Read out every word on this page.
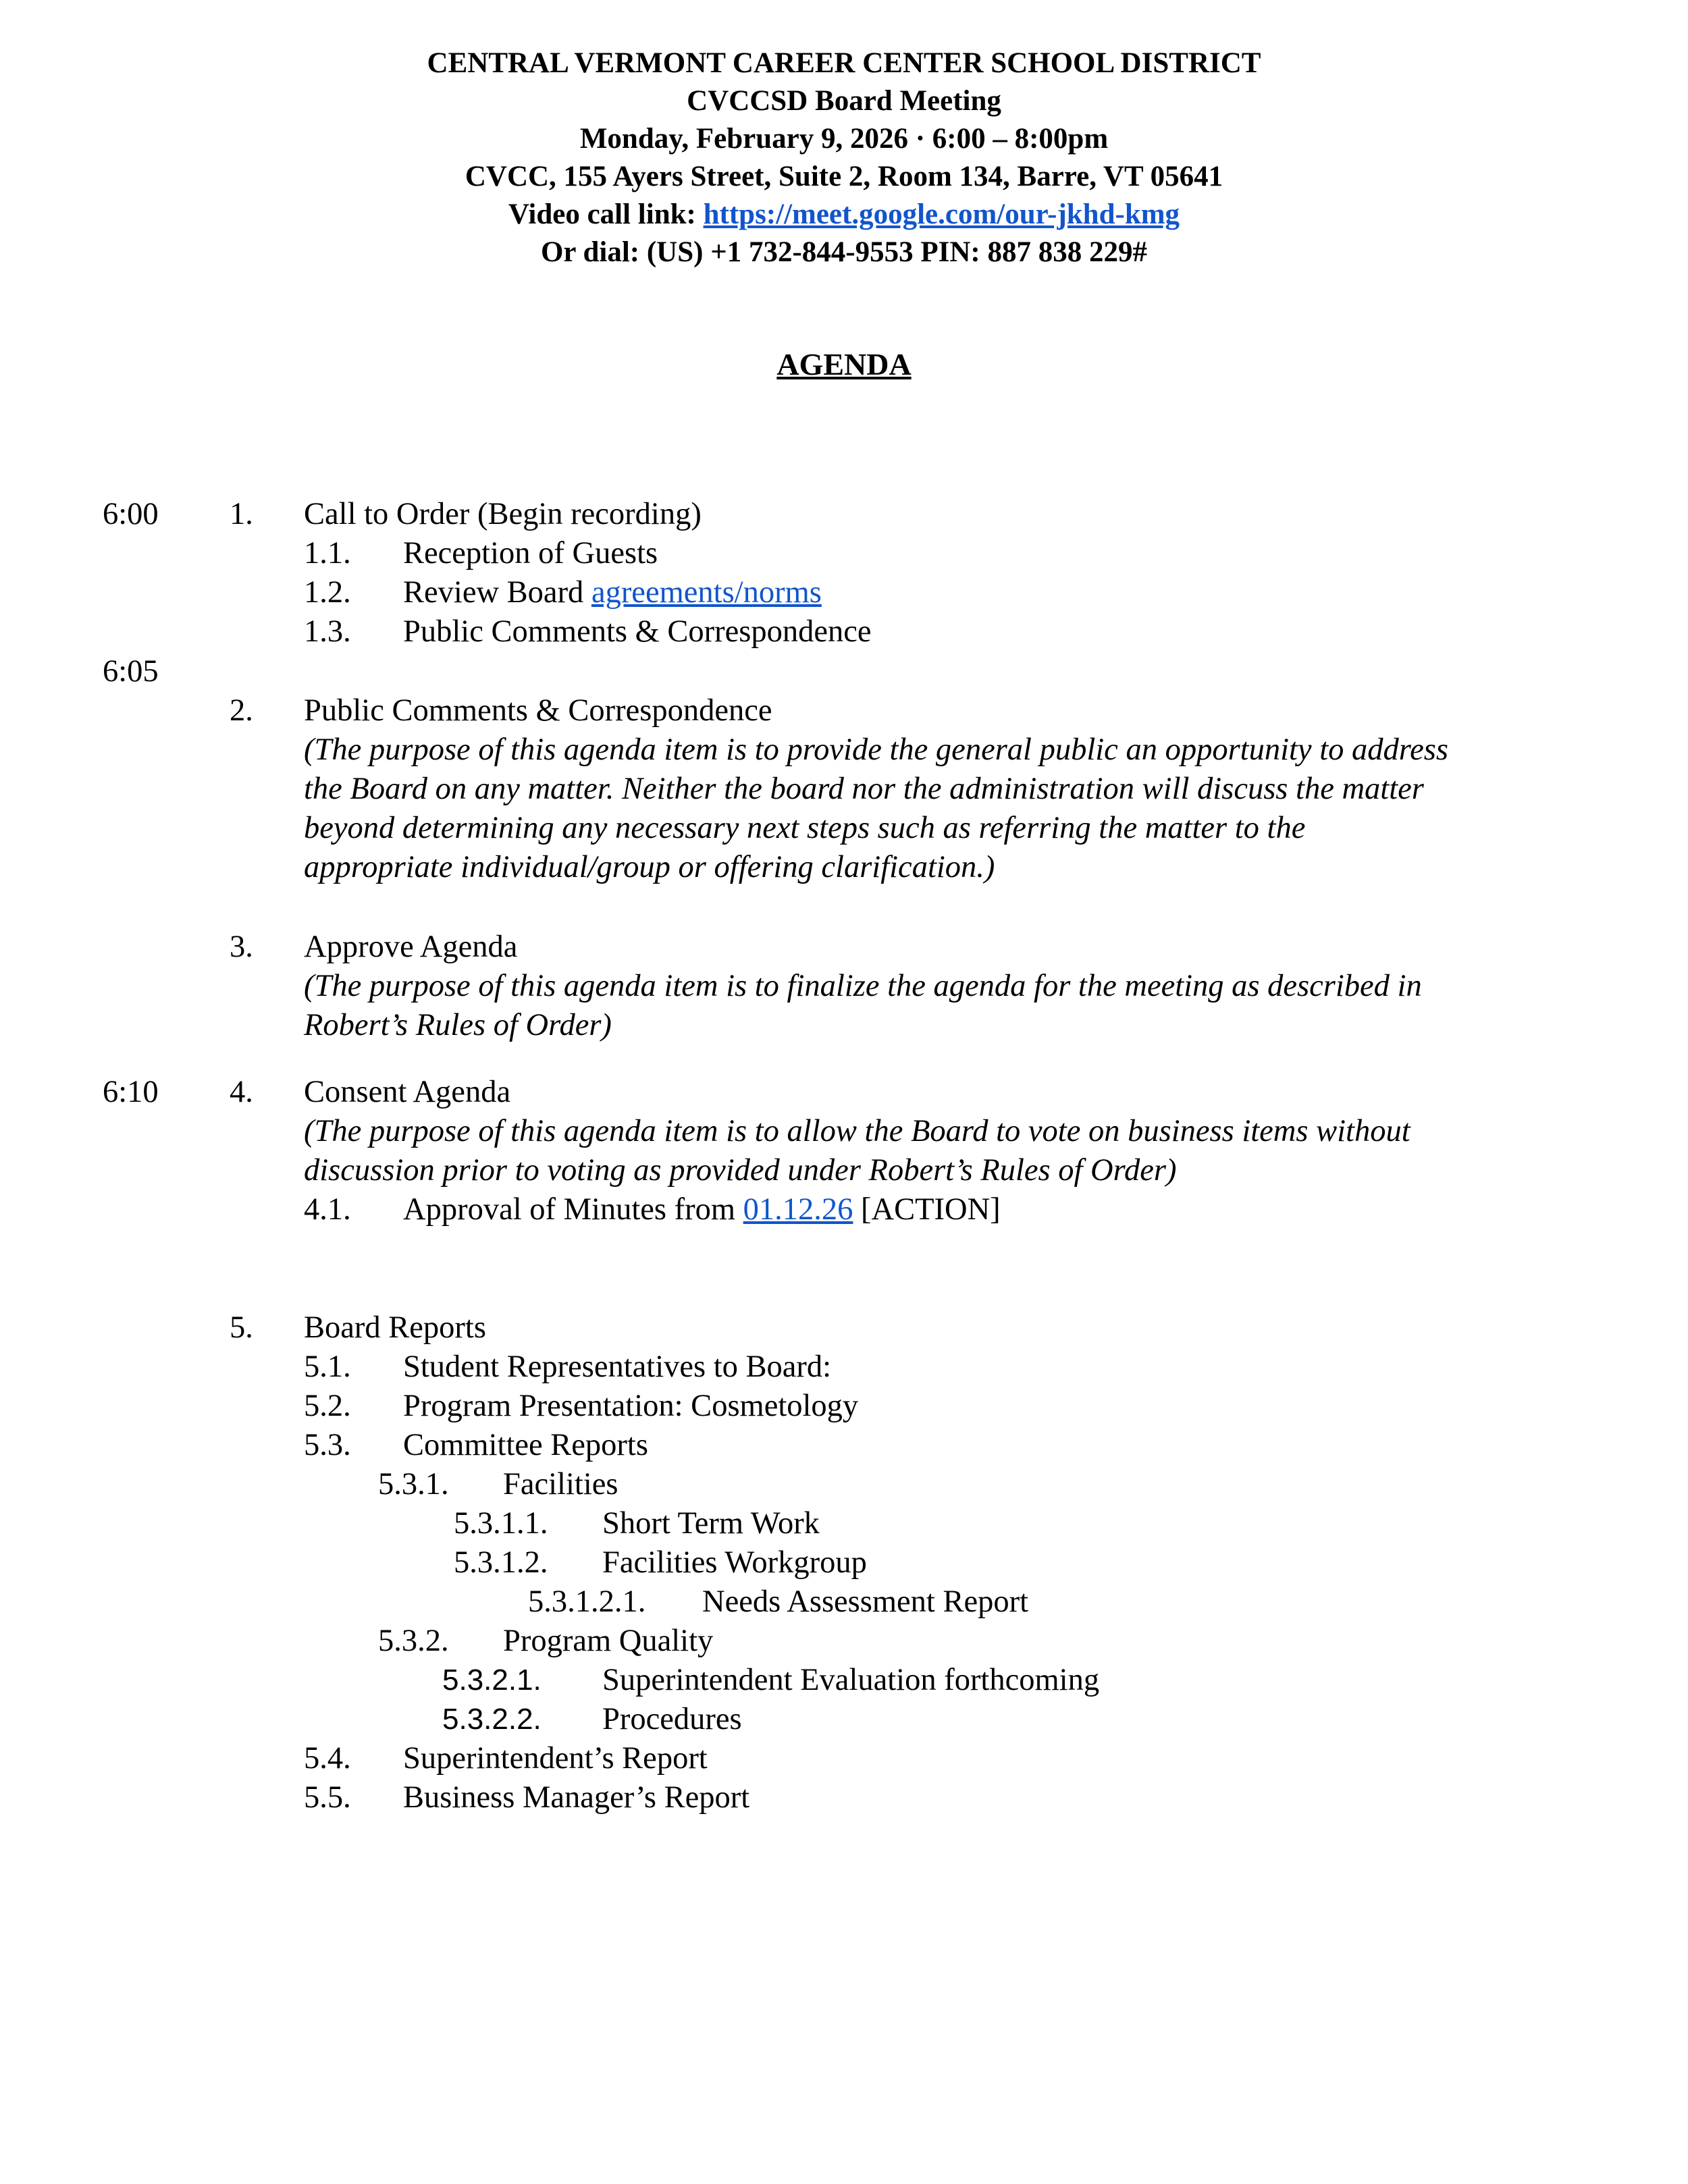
CENTRAL VERMONT CAREER CENTER SCHOOL DISTRICT
CVCCSD Board Meeting
Monday, February 9, 2026 · 6:00 – 8:00pm
CVCC, 155 Ayers Street, Suite 2, Room 134, Barre, VT 05641
Video call link: https://meet.google.com/our-jkhd-kmg
Or dial: (US) +1 732-844-9553 PIN: 887 838 229#
AGENDA
6:00
6:05
6:10
1. Call to Order (Begin recording)
1.1. Reception of Guests
1.2. Review Board agreements/norms
1.3. Public Comments & Correspondence
2. Public Comments & Correspondence
(The purpose of this agenda item is to provide the general public an opportunity to address
the Board on any matter. Neither the board nor the administration will discuss the matter
beyond determining any necessary next steps such as referring the matter to the
appropriate individual/group or offering clarification.)
3. Approve Agenda
(The purpose of this agenda item is to finalize the agenda for the meeting as described in
Robert’s Rules of Order)
4. Consent Agenda
(The purpose of this agenda item is to allow the Board to vote on business items without
discussion prior to voting as provided under Robert’s Rules of Order)
4.1. Approval of Minutes from 01.12.26 [ACTION]
5. Board Reports
5.1. Student Representatives to Board:
5.2. Program Presentation: Cosmetology
5.3. Committee Reports
5.3.1. Facilities
5.3.1.1. Short Term Work
5.3.1.2. Facilities Workgroup
5.3.1.2.1. Needs Assessment Report
5.3.2. Program Quality
5.3.2.1. Superintendent Evaluation forthcoming
5.3.2.2. Procedures
5.4. Superintendent’s Report
5.5. Business Manager’s Report
